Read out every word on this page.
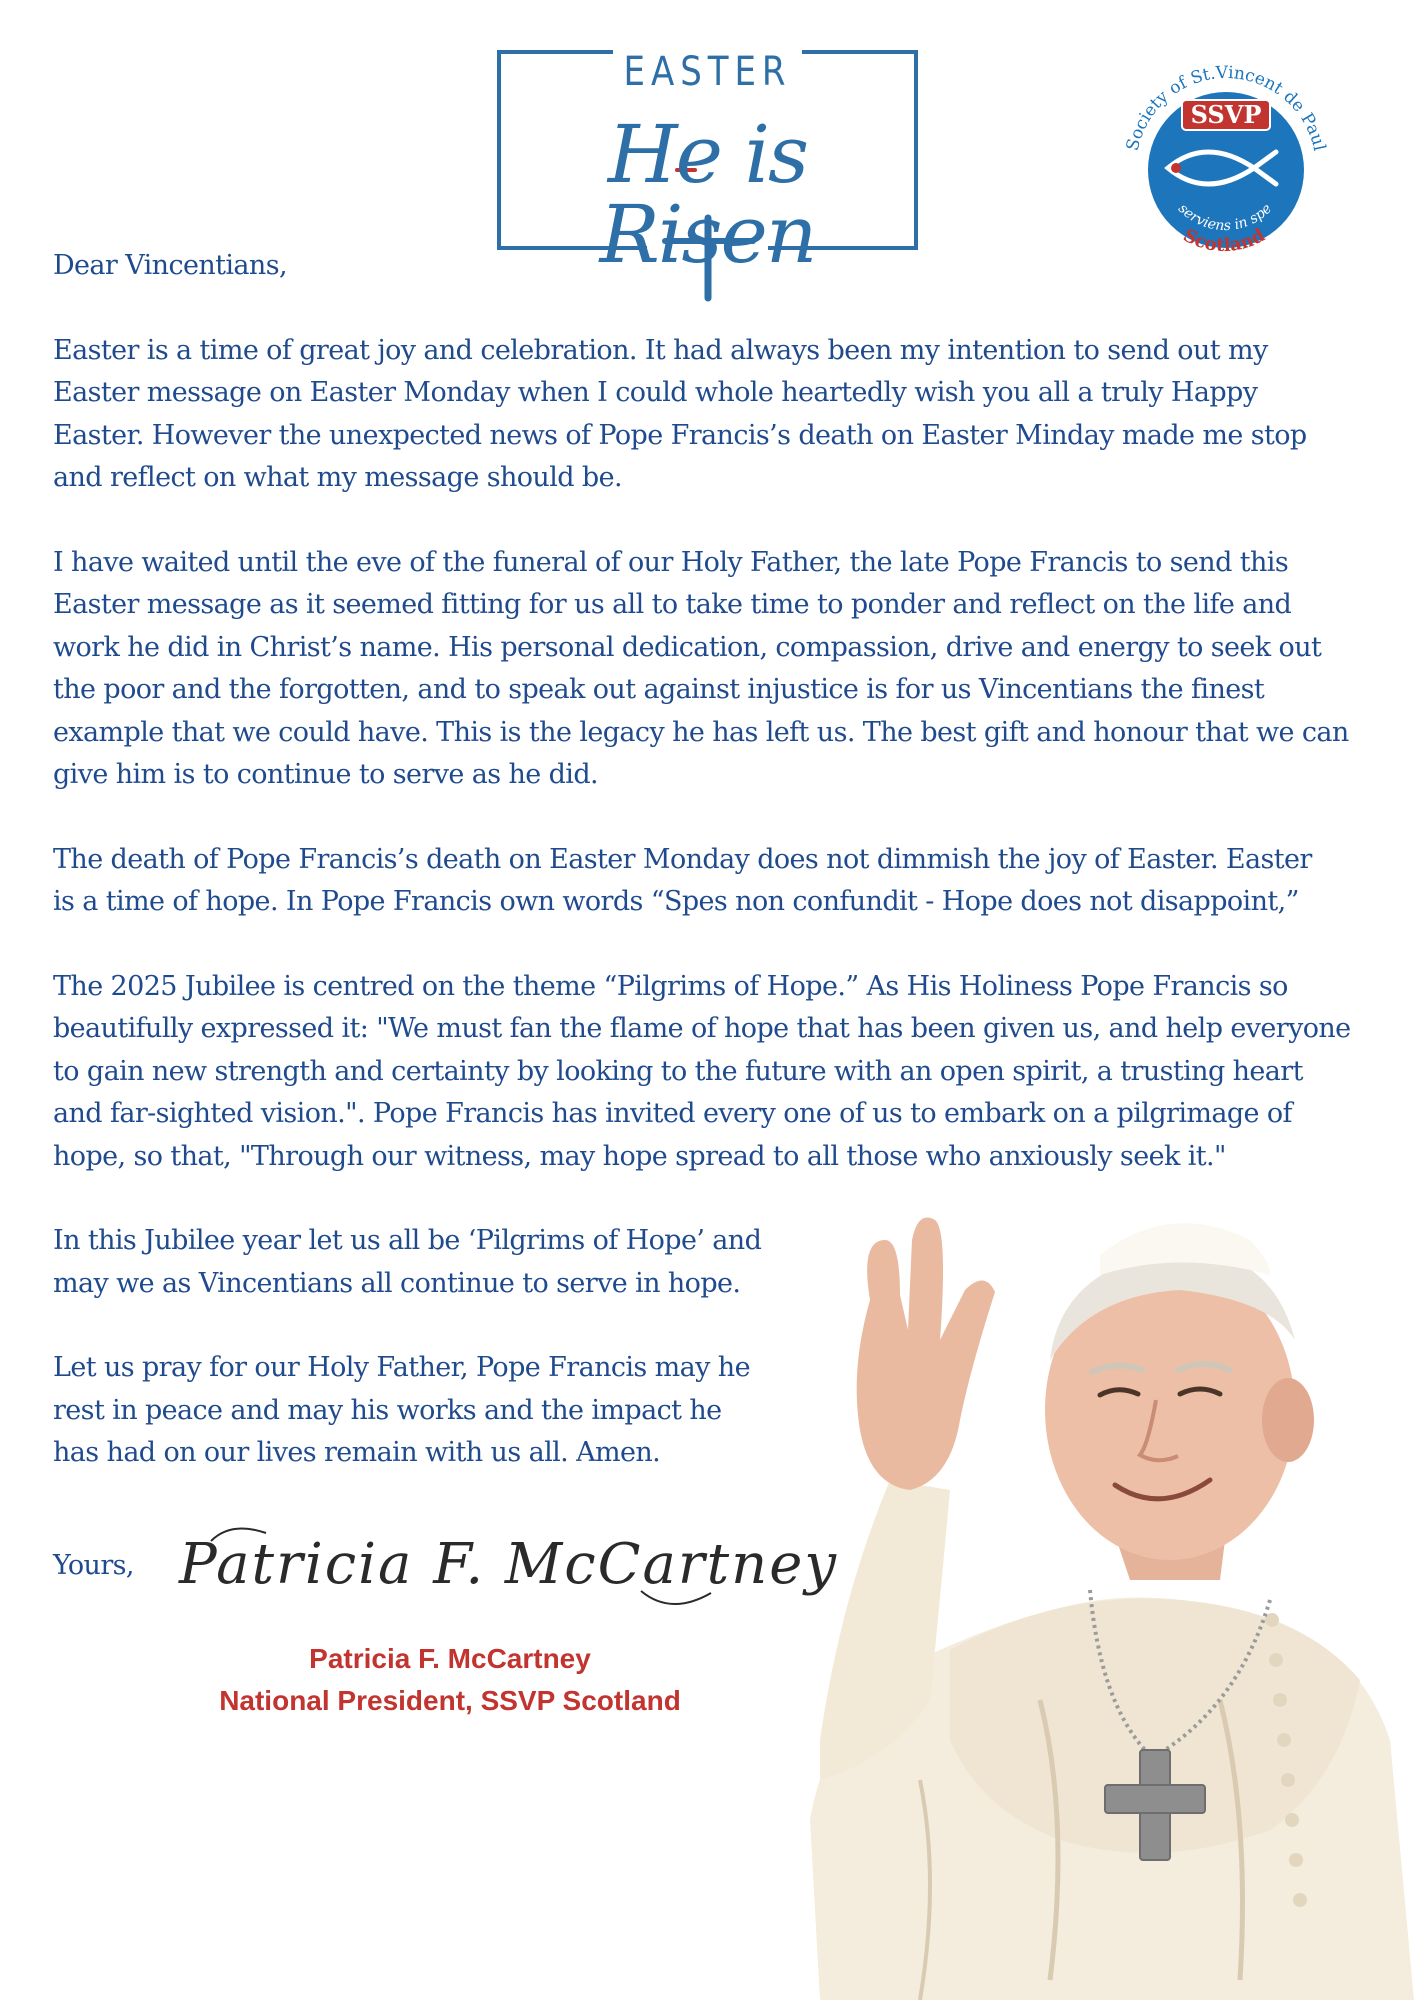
EASTER
He is Risen
SSVP
Society of St.Vincent de Paul
serviens in spe
Scotland

Dear Vincentians,

Easter is a time of great joy and celebration. It had always been my intention to send out my Easter message on Easter Monday when I could whole heartedly wish you all a truly Happy Easter. However the unexpected news of Pope Francis’s death on Easter Minday made me stop and reflect on what my message should be.

I have waited until the eve of the funeral of our Holy Father, the late Pope Francis to send this Easter message as it seemed fitting for us all to take time to ponder and reflect on the life and work he did in Christ’s name. His personal dedication, compassion, drive and energy to seek out the poor and the forgotten, and to speak out against injustice is for us Vincentians the finest example that we could have. This is the legacy he has left us. The best gift and honour that we can give him is to continue to serve as he did.

The death of Pope Francis’s death on Easter Monday does not dimmish the joy of Easter. Easter is a time of hope. In Pope Francis own words “Spes non confundit - Hope does not disappoint,”

The 2025 Jubilee is centred on the theme “Pilgrims of Hope.” As His Holiness Pope Francis so beautifully expressed it: "We must fan the flame of hope that has been given us, and help everyone to gain new strength and certainty by looking to the future with an open spirit, a trusting heart and far-sighted vision.". Pope Francis has invited every one of us to embark on a pilgrimage of hope, so that, "Through our witness, may hope spread to all those who anxiously seek it."

In this Jubilee year let us all be ‘Pilgrims of Hope’ and may we as Vincentians all continue to serve in hope.

Let us pray for our Holy Father, Pope Francis may he rest in peace and may his works and the impact he has had on our lives remain with us all. Amen.

Yours, Patricia F. McCartney
Patricia F. McCartney
National President, SSVP Scotland
